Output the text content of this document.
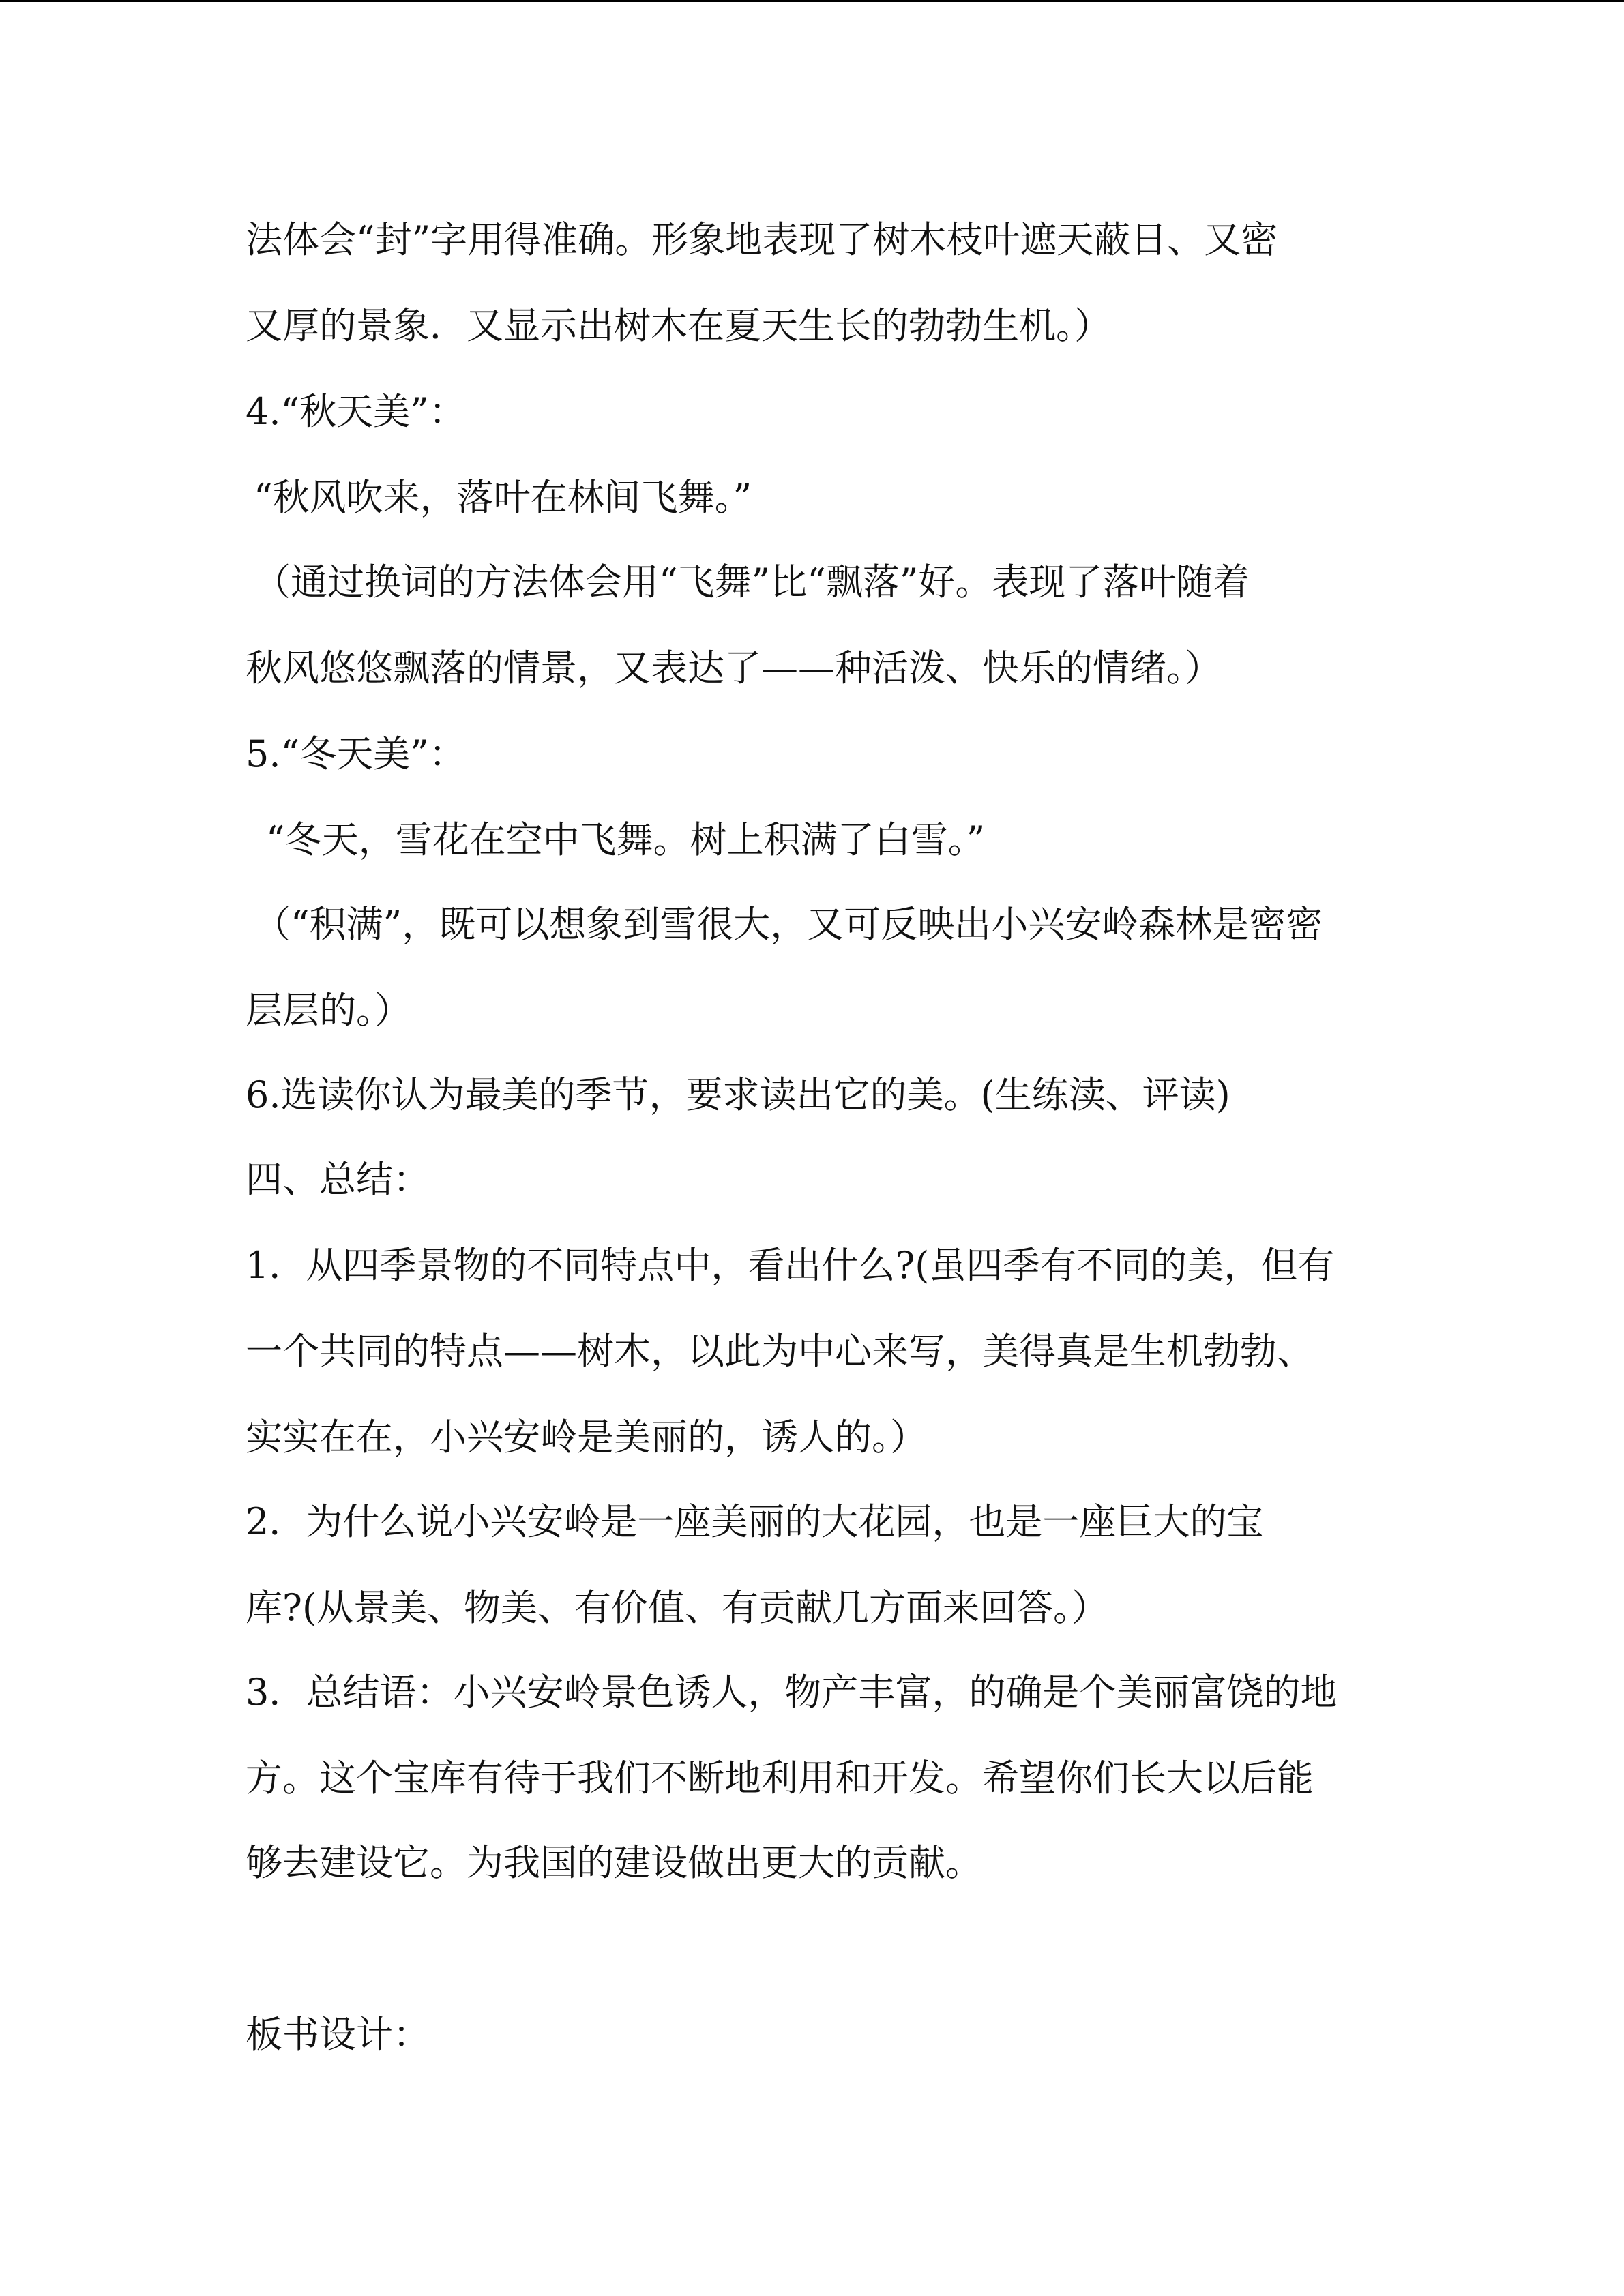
法体会“封”字用得准确。形象地表现了树木枝叶遮天蔽日、又密

又厚的景象．又显示出树木在夏天生长的勃勃生机。）

4.“秋天美”：

“秋风吹来，落叶在林间飞舞。”

（通过换词的方法体会用“飞舞”比“飘落”好。表现了落叶随着

秋风悠悠飘落的情景，又表达了——种活泼、快乐的情绪。）

5.“冬天美”：

“冬天，雪花在空中飞舞。树上积满了白雪。”

（“积满”，既可以想象到雪很大，又可反映出小兴安岭森林是密密

层层的。）

6.选读你认为最美的季节，要求读出它的美。(生练渎、评读)

四、总结：

1．从四季景物的不同特点中，看出什么?(虽四季有不同的美，但有

一个共同的特点——树木，以此为中心来写，美得真是生机勃勃、

实实在在，小兴安岭是美丽的，诱人的。）

2．为什么说小兴安岭是一座美丽的大花园，也是一座巨大的宝

库?(从景美、物美、有价值、有贡献几方面来回答。）

3．总结语：小兴安岭景色诱人，物产丰富，的确是个美丽富饶的地

方。这个宝库有待于我们不断地利用和开发。希望你们长大以后能

够去建设它。为我国的建设做出更大的贡献。

板书设计：
